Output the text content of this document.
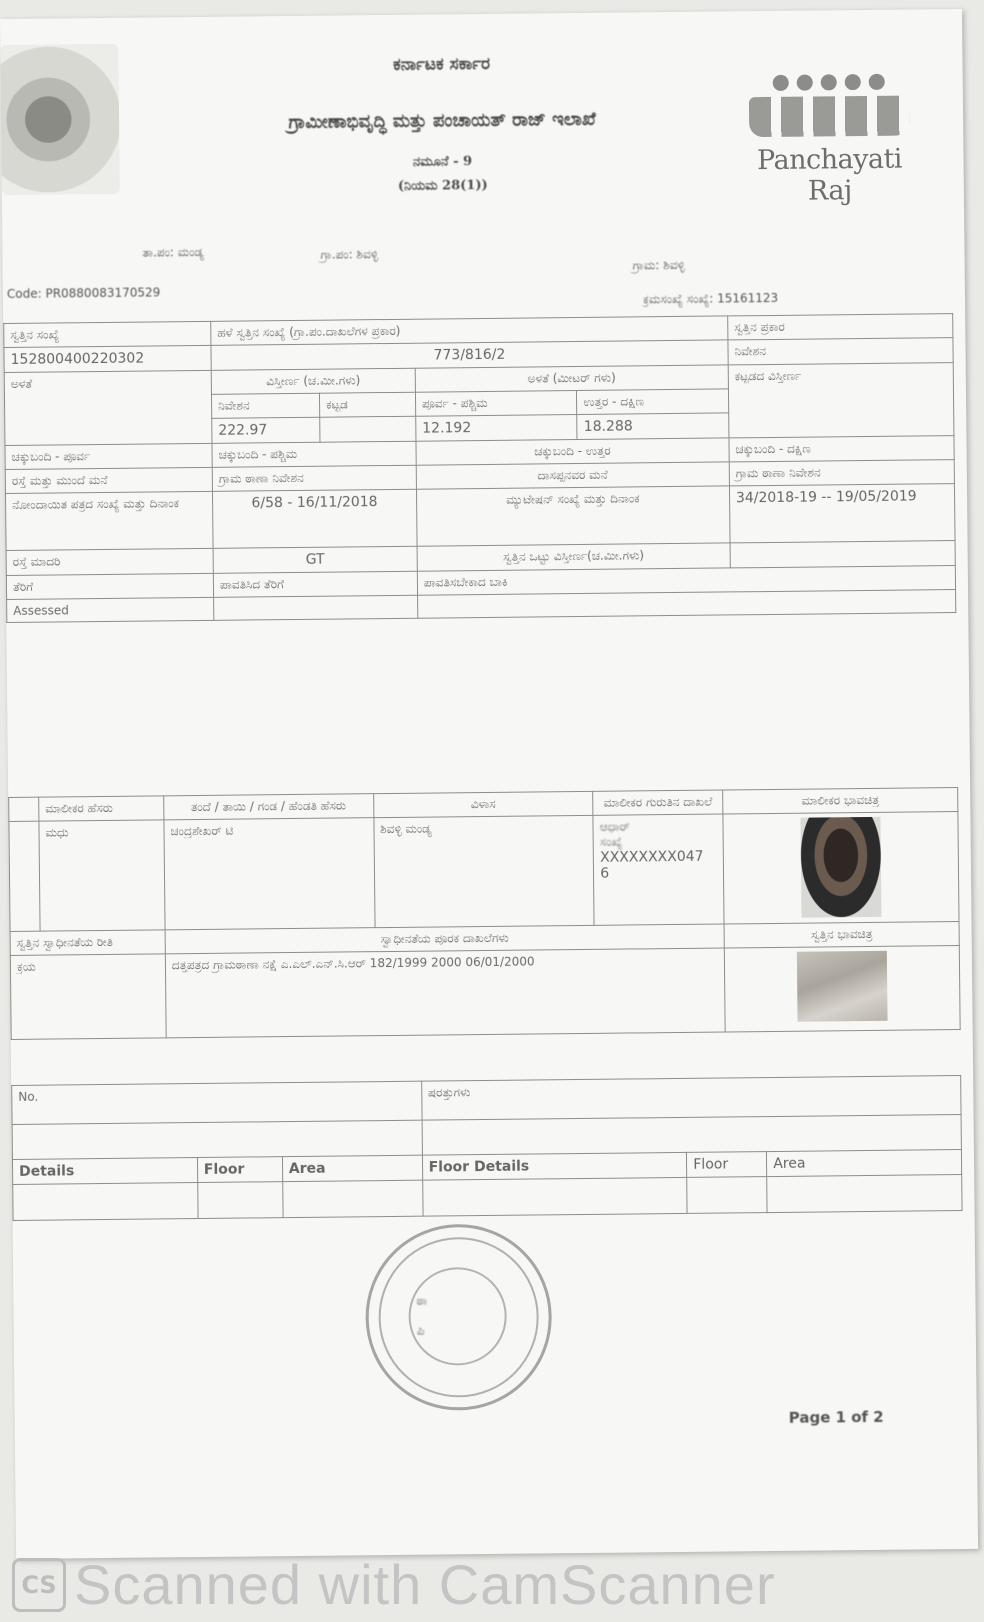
ಕರ್ನಾಟಕ ಸರ್ಕಾರ
ಗ್ರಾಮೀಣಾಭಿವೃದ್ಧಿ ಮತ್ತು ಪಂಚಾಯತ್ ರಾಜ್ ಇಲಾಖೆ
ನಮೂನೆ - 9
(ನಿಯಮ 28(1))
Panchayati Raj
Code: PR0880083170529
ತಾ.ಪಂ: ಮಂಡ್ಯ	ಗ್ರಾ.ಪಂ: ಶಿವಳ್ಳಿ
ಗ್ರಾಮ: ಶಿವಳ್ಳಿ
ಕ್ರಮಸಂಖ್ಯೆ ಸಂಖ್ಯೆ: 15161123
ಸ್ವತ್ತಿನ ಸಂಖ್ಯೆ	ಹಳೆ ಸ್ವತ್ತಿನ ಸಂಖ್ಯೆ (ಗ್ರಾ.ಪಂ.ದಾಖಲೆಗಳ ಪ್ರಕಾರ)				ಸ್ವತ್ತಿನ ಪ್ರಕಾರ
152800400220302	773/816/2				ನಿವೇಶನ
ಅಳತೆ	ವಿಸ್ತೀರ್ಣ (ಚ.ಮೀ.ಗಳು)		ಅಳತೆ (ಮೀಟರ್ ಗಳು)		ಕಟ್ಟಡದ ವಿಸ್ತೀರ್ಣ
	ನಿವೇಶನ	ಕಟ್ಟಡ	ಪೂರ್ವ - ಪಶ್ಚಿಮ	ಉತ್ತರ - ದಕ್ಷಿಣ	
	222.97		12.192	18.288	
ಚಕ್ಕುಬಂದಿ - ಪೂರ್ವ	ಚಕ್ಕುಬಂದಿ - ಪಶ್ಚಿಮ		ಚಕ್ಕುಬಂದಿ - ಉತ್ತರ		ಚಕ್ಕುಬಂದಿ - ದಕ್ಷಿಣ
ರಸ್ತೆ ಮತ್ತು ಮುಂದೆ ಮನೆ	ಗ್ರಾಮ ಠಾಣಾ ನಿವೇಶನ		ದಾಸಪ್ಪನವರ ಮನೆ		ಗ್ರಾಮ ಠಾಣಾ ನಿವೇಶನ
ನೋಂದಾಯಿತ ಪತ್ರದ ಸಂಖ್ಯೆ ಮತ್ತು ದಿನಾಂಕ	6/58 - 16/11/2018		ಮ್ಯುಟೇಷನ್ ಸಂಖ್ಯೆ ಮತ್ತು ದಿನಾಂಕ		34/2018-19 -- 19/05/2019
ರಸ್ತೆ ಮಾದರಿ	GT		ಸ್ವತ್ತಿನ ಒಟ್ಟು ವಿಸ್ತೀರ್ಣ(ಚ.ಮೀ.ಗಳು)		
ತೆರಿಗೆ	ಪಾವತಿಸಿದ ತೆರಿಗೆ		ಪಾವತಿಸಬೇಕಾದ ಬಾಕಿ		
Assessed					
	ಮಾಲೀಕರ ಹೆಸರು	ತಂದೆ / ತಾಯಿ / ಗಂಡ / ಹೆಂಡತಿ ಹೆಸರು	ವಿಳಾಸ	ಮಾಲೀಕರ ಗುರುತಿನ ದಾಖಲೆ	ಮಾಲೀಕರ ಭಾವಚಿತ್ರ
	ಮಧು	ಚಂದ್ರಶೇಖರ್ ಟಿ	ಶಿವಳ್ಳಿ ಮಂಡ್ಯ	ಆಧಾರ್
ಸಂಖ್ಯೆ
XXXXXXXX047
6	

ಸ್ವತ್ತಿನ ಸ್ವಾಧೀನತೆಯ ರೀತಿ		ಸ್ವಾಧೀನತೆಯ ಪೂರಕ ದಾಖಲೆಗಳು			ಸ್ವತ್ತಿನ ಭಾವಚಿತ್ರ
ಕ್ರಯ		ದತ್ತಪತ್ರದ ಗ್ರಾಮಠಾಣಾ ನಕ್ಷೆ ಎ.ಎಲ್.ಎನ್.ಸಿ.ಆರ್ 182/1999 2000 06/01/2000			
No.			ಷರತ್ತುಗಳು		

Details	Floor	Area	Floor Details	Floor	Area

ಠಾ
ಪಿ
Page 1 of 2
CS Scanned with CamScanner
